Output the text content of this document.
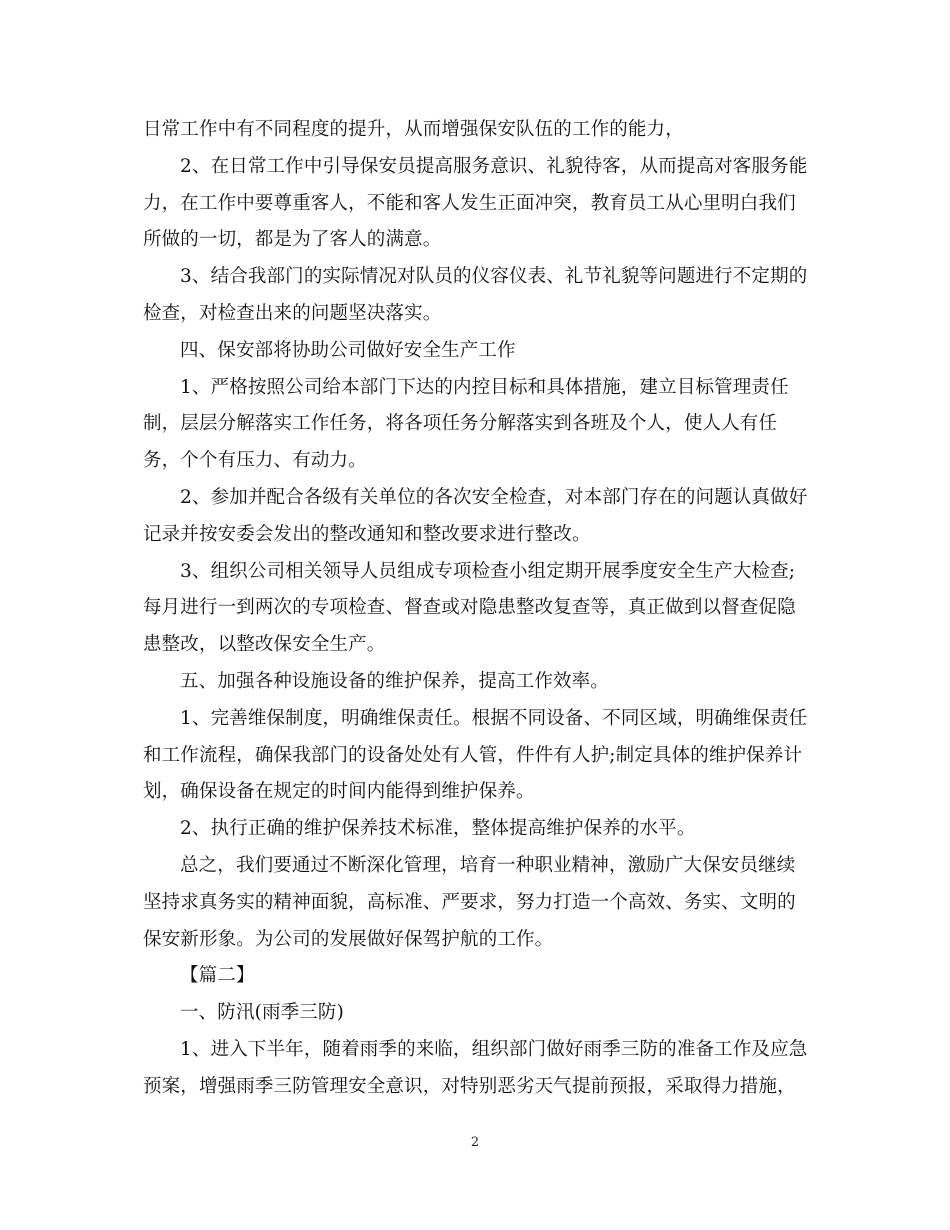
日常工作中有不同程度的提升，从而增强保安队伍的工作的能力，
2、在日常工作中引导保安员提高服务意识、礼貌待客，从而提高对客服务能
力，在工作中要尊重客人，不能和客人发生正面冲突，教育员工从心里明白我们
所做的一切，都是为了客人的满意。
3、结合我部门的实际情况对队员的仪容仪表、礼节礼貌等问题进行不定期的
检查，对检查出来的问题坚决落实。
四、保安部将协助公司做好安全生产工作
1、严格按照公司给本部门下达的内控目标和具体措施，建立目标管理责任
制，层层分解落实工作任务，将各项任务分解落实到各班及个人，使人人有任
务，个个有压力、有动力。
2、参加并配合各级有关单位的各次安全检查，对本部门存在的问题认真做好
记录并按安委会发出的整改通知和整改要求进行整改。
3、组织公司相关领导人员组成专项检查小组定期开展季度安全生产大检查;
每月进行一到两次的专项检查、督查或对隐患整改复查等，真正做到以督查促隐
患整改，以整改保安全生产。
五、加强各种设施设备的维护保养，提高工作效率。
1、完善维保制度，明确维保责任。根据不同设备、不同区域，明确维保责任
和工作流程，确保我部门的设备处处有人管，件件有人护;制定具体的维护保养计
划，确保设备在规定的时间内能得到维护保养。
2、执行正确的维护保养技术标准，整体提高维护保养的水平。
总之，我们要通过不断深化管理，培育一种职业精神，激励广大保安员继续
坚持求真务实的精神面貌，高标准、严要求，努力打造一个高效、务实、文明的
保安新形象。为公司的发展做好保驾护航的工作。
【篇二】
一、防汛(雨季三防)
1、进入下半年，随着雨季的来临，组织部门做好雨季三防的准备工作及应急
预案，增强雨季三防管理安全意识，对特别恶劣天气提前预报，采取得力措施，
2
